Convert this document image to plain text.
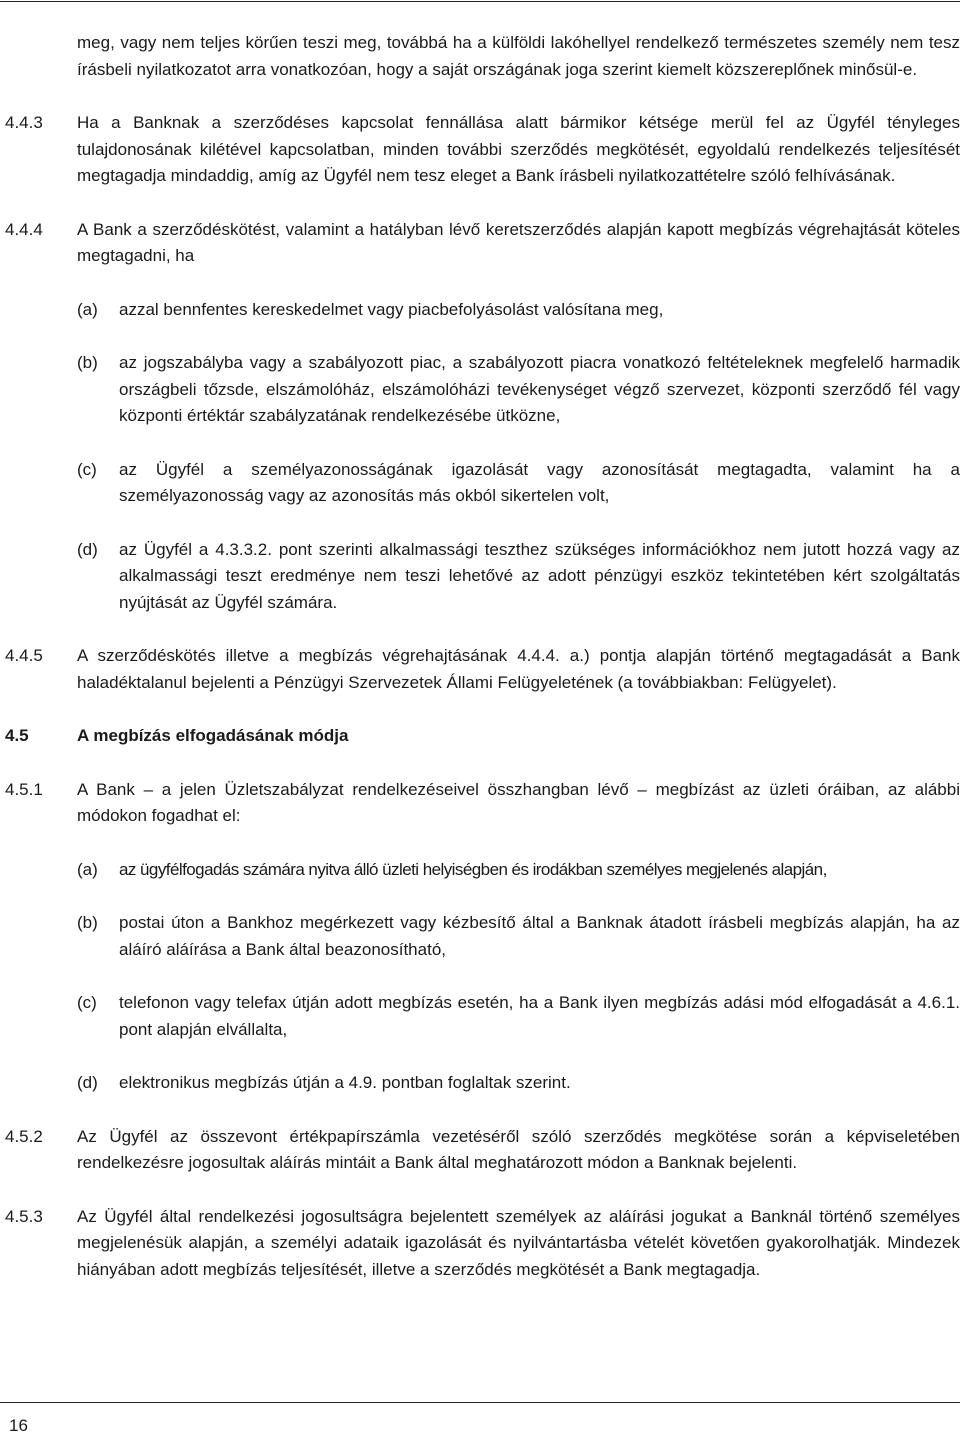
meg, vagy nem teljes körűen teszi meg, továbbá ha a külföldi lakóhellyel rendelkező természetes személy nem tesz írásbeli nyilatkozatot arra vonatkozóan, hogy a saját országának joga szerint kiemelt közszereplőnek minősül-e.

4.4.3	Ha a Banknak a szerződéses kapcsolat fennállása alatt bármikor kétsége merül fel az Ügyfél tényleges tulajdonosának kilétével kapcsolatban, minden további szerződés megkötését, egyoldalú rendelkezés teljesítését megtagadja mindaddig, amíg az Ügyfél nem tesz eleget a Bank írásbeli nyilatkozattételre szóló felhívásának.
4.4.4	A Bank a szerződéskötést, valamint a hatályban lévő keretszerződés alapján kapott megbízás végrehajtását köteles megtagadni, ha
(a)	azzal bennfentes kereskedelmet vagy piacbefolyásolást valósítana meg,
(b)	az jogszabályba vagy a szabályozott piac, a szabályozott piacra vonatkozó feltételeknek megfelelő harmadik országbeli tőzsde, elszámolóház, elszámolóházi tevékenységet végző szervezet, központi szerződő fél vagy központi értéktár szabályzatának rendelkezésébe ütközne,
(c)	az Ügyfél a személyazonosságának igazolását vagy azonosítását megtagadta, valamint ha a személyazonosság vagy az azonosítás más okból sikertelen volt,
(d)	az Ügyfél a 4.3.3.2. pont szerinti alkalmassági teszthez szükséges információkhoz nem jutott hozzá vagy az alkalmassági teszt eredménye nem teszi lehetővé az adott pénzügyi eszköz tekintetében kért szolgáltatás nyújtását az Ügyfél számára.
4.4.5	A szerződéskötés illetve a megbízás végrehajtásának 4.4.4. a.) pontja alapján történő megtagadását a Bank haladéktalanul bejelenti a Pénzügyi Szervezetek Állami Felügyeletének (a továbbiakban: Felügyelet).
4.5	A megbízás elfogadásának módja
4.5.1	A Bank – a jelen Üzletszabályzat rendelkezéseivel összhangban lévő – megbízást az üzleti óráiban, az alábbi módokon fogadhat el:
(a)	az ügyfélfogadás számára nyitva álló üzleti helyiségben és irodákban személyes megjelenés alapján,
(b)	postai úton a Bankhoz megérkezett vagy kézbesítő által a Banknak átadott írásbeli megbízás alapján, ha az aláíró aláírása a Bank által beazonosítható,
(c)	telefonon vagy telefax útján adott megbízás esetén, ha a Bank ilyen megbízás adási mód elfogadását a 4.6.1. pont alapján elvállalta,
(d)	elektronikus megbízás útján a 4.9. pontban foglaltak szerint.
4.5.2	Az Ügyfél az összevont értékpapírszámla vezetéséről szóló szerződés megkötése során a képviseletében rendelkezésre jogosultak aláírás mintáit a Bank által meghatározott módon a Banknak bejelenti.
4.5.3	Az Ügyfél által rendelkezési jogosultságra bejelentett személyek az aláírási jogukat a Banknál történő személyes megjelenésük alapján, a személyi adataik igazolását és nyilvántartásba vételét követően gyakorolhatják. Mindezek hiányában adott megbízás teljesítését, illetve a szerződés megkötését a Bank megtagadja.
16
